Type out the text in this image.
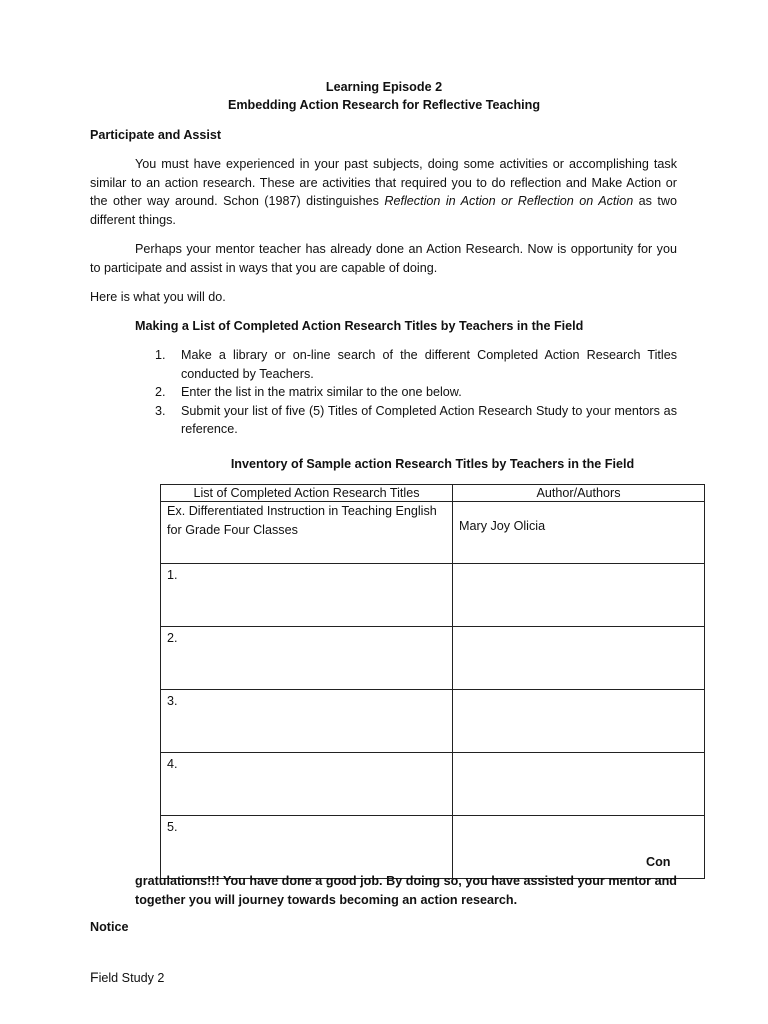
Learning Episode 2
Embedding Action Research for Reflective Teaching
Participate and Assist
You must have experienced in your past subjects, doing some activities or accomplishing task similar to an action research. These are activities that required you to do reflection and Make Action or the other way around. Schon (1987) distinguishes Reflection in Action or Reflection on Action as two different things.
Perhaps your mentor teacher has already done an Action Research. Now is opportunity for you to participate and assist in ways that you are capable of doing.
Here is what you will do.
Making a List of Completed Action Research Titles by Teachers in the Field
1. Make a library or on-line search of the different Completed Action Research Titles conducted by Teachers.
2. Enter the list in the matrix similar to the one below.
3. Submit your list of five (5) Titles of Completed Action Research Study to your mentors as reference.
Inventory of Sample action Research Titles by Teachers in the Field
List of Completed Action Research Titles	Author/Authors
Ex. Differentiated Instruction in Teaching English for Grade Four Classes	Mary Joy Olicia
1.	
2.	
3.	
4.	
5.	
Con
gratulations!!! You have done a good job. By doing so, you have assisted your mentor and together you will journey towards becoming an action research.
Notice
Field Study 2
